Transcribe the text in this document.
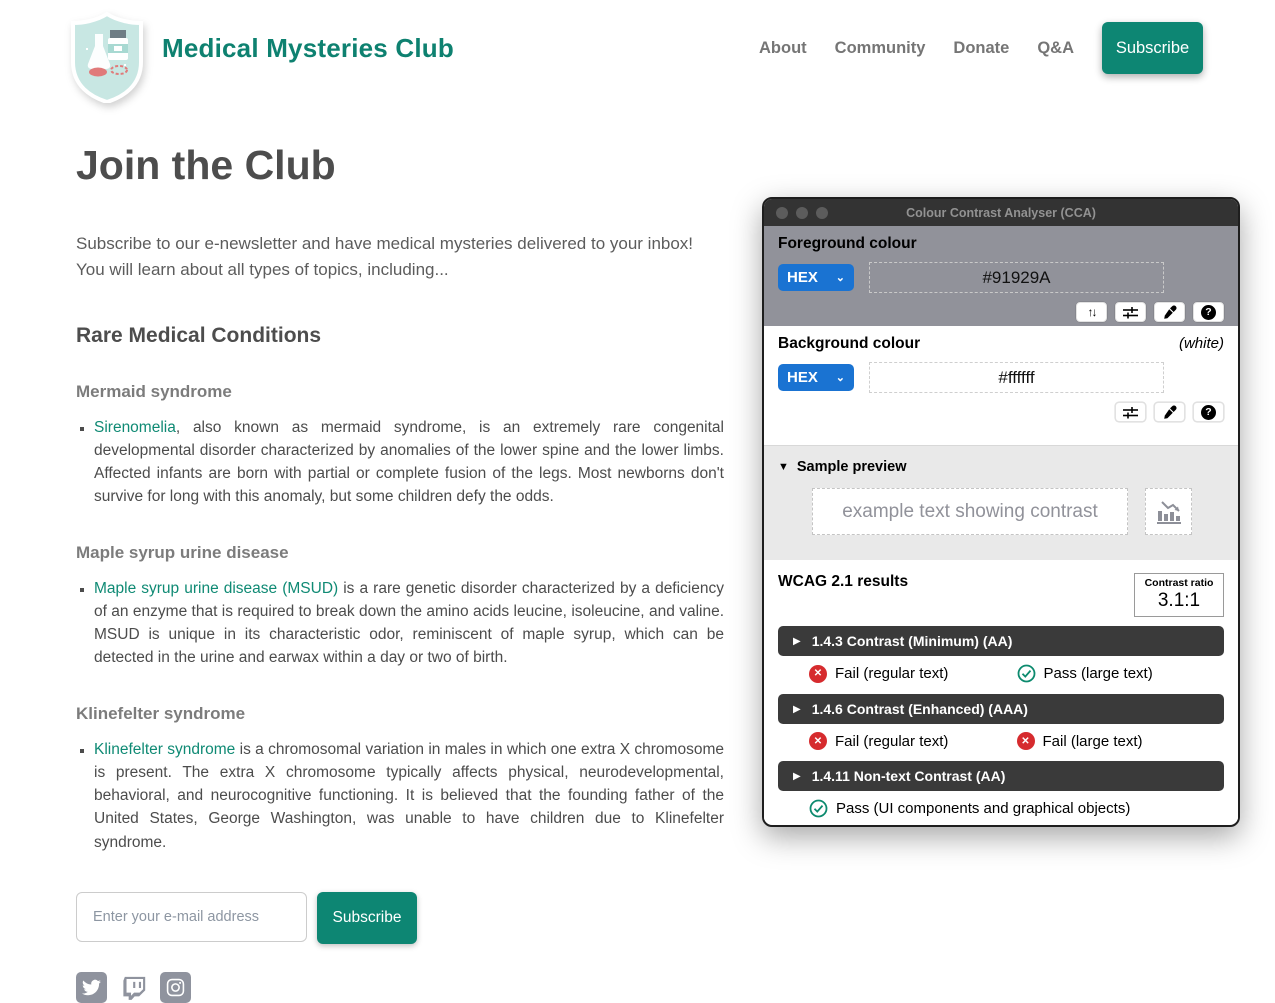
Medical Mysteries Club	About Community Donate Q&A	Subscribe
Join the Club

Subscribe to our e-newsletter and have medical mysteries delivered to your inbox! You will learn about all types of topics, including...

Rare Medical Conditions
Mermaid syndrome
▪ Sirenomelia, also known as mermaid syndrome, is an extremely rare congenital developmental disorder characterized by anomalies of the lower spine and the lower limbs. Affected infants are born with partial or complete fusion of the legs. Most newborns don't survive for long with this anomaly, but some children defy the odds.
Maple syrup urine disease
▪ Maple syrup urine disease (MSUD) is a rare genetic disorder characterized by a deficiency of an enzyme that is required to break down the amino acids leucine, isoleucine, and valine. MSUD is unique in its characteristic odor, reminiscent of maple syrup, which can be detected in the urine and earwax within a day or two of birth.
Klinefelter syndrome
▪ Klinefelter syndrome is a chromosomal variation in males in which one extra X chromosome is present. The extra X chromosome typically affects physical, neurodevelopmental, behavioral, and neurocognitive functioning. It is believed that the founding father of the United States, George Washington, was unable to have children due to Klinefelter syndrome.
Enter your e-mail address
Subscribe
Colour Contrast Analyser (CCA)
Foreground colour
HEX ⌄
#91929A
↑↓	?
Background colour	(white)
HEX ⌄
#ffffff
?
▼ Sample preview
example text showing contrast
WCAG 2.1 results	Contrast ratio
3.1:1
▶ 1.4.3 Contrast (Minimum) (AA)
✕ Fail (regular text)	Pass (large text)
▶ 1.4.6 Contrast (Enhanced) (AAA)
✕ Fail (regular text)	✕ Fail (large text)
▶ 1.4.11 Non-text Contrast (AA)
Pass (UI components and graphical objects)
